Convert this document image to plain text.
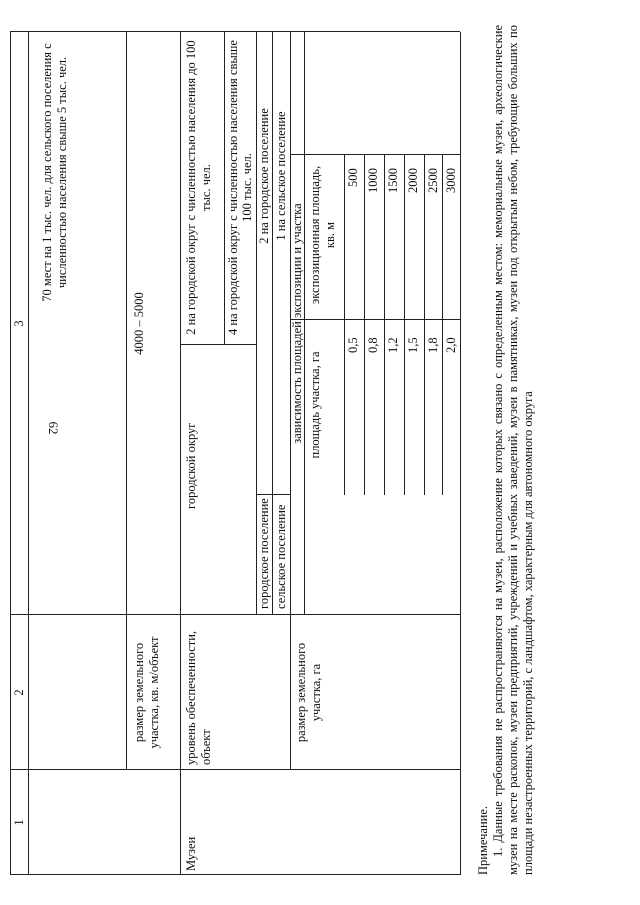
62
1
2
3
размер земельного участка, кв. м/объект
4000 – 5000
70 мест на 1 тыс. чел. для сельского поселения с численностью населения свыше 5 тыс. чел.
Музеи
уровень обеспеченности, объект
городской округ
2 на городской округ с численностью населения до 100 тыс. чел. 4 на городской округ с численностью населения свыше 100 тыс. чел.
городское поселение
2 на городское поселение
сельское поселение
1 на сельское поселение
размер земельного участка, га
зависимость площадей экспозиции и участка площадь участка, га
экспозиционная площадь, кв. м
0,5
500
0,8
1000
1,2
1500
1,5
2000
1,8
2500
2,0
3000

Примечание. 1. Данные требования не распространяются на музеи, расположение которых связано с определенным местом: мемориальные музеи, археологические музеи на месте раскопок, музеи предприятий, учреждений и учебных заведений, музеи в памятниках, музеи под открытым небом, требующие больших по площади незастроенных территорий, с ландшафтом, характерным для автономного округа
